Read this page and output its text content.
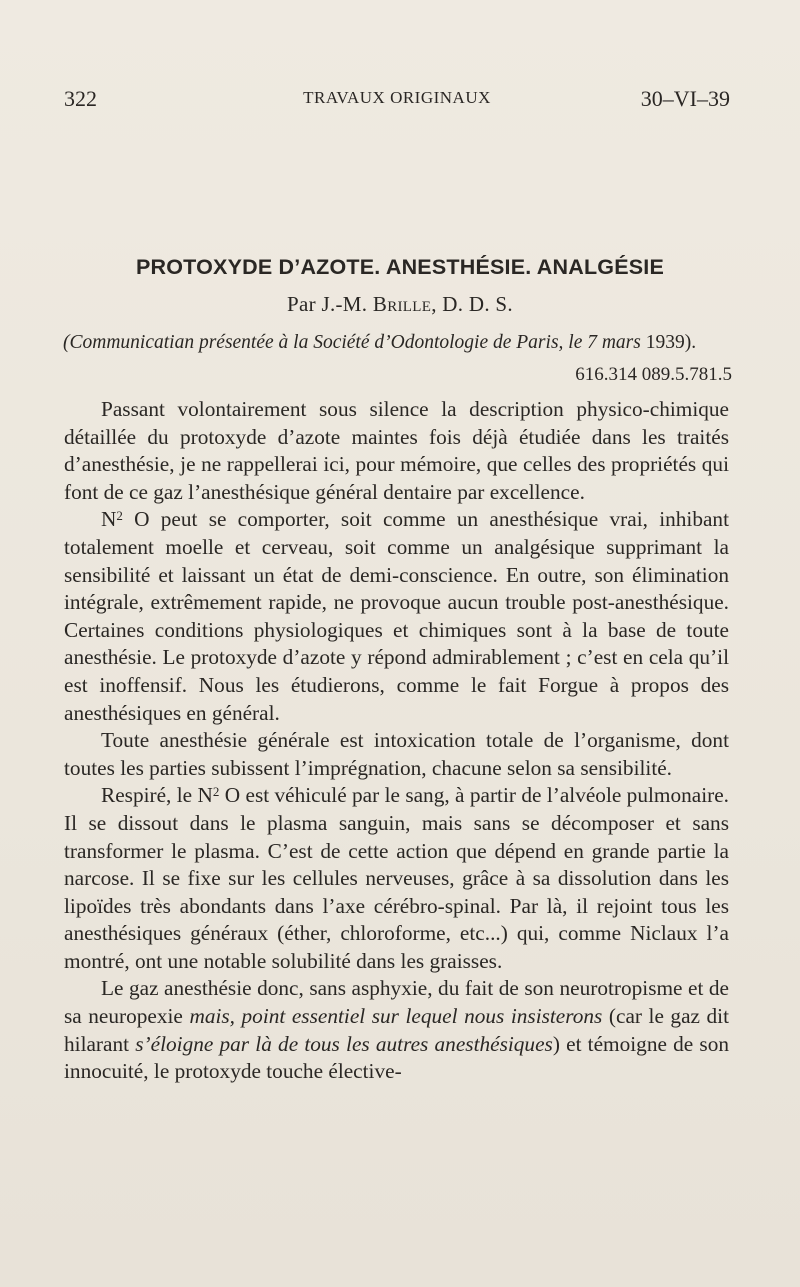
322	TRAVAUX ORIGINAUX	30–VI–39
PROTOXYDE D’AZOTE. ANESTHÉSIE. ANALGÉSIE
Par J.-M. Brille, D. D. S.
(Communicatian présentée à la Société d’Odontologie de Paris, le 7 mars 1939).
616.314 089.5.781.5

Passant volontairement sous silence la description physico-chimique détaillée du protoxyde d’azote maintes fois déjà étudiée dans les traités d’anesthésie, je ne rappellerai ici, pour mémoire, que celles des propriétés qui font de ce gaz l’anesthésique général dentaire par excellence.

$N^2$ O peut se comporter, soit comme un anesthésique vrai, inhibant totalement moelle et cerveau, soit comme un analgésique supprimant la sensibilité et laissant un état de demi-conscience. En outre, son élimination intégrale, extrêmement rapide, ne provoque aucun trouble post-anesthésique. Certaines conditions physiologiques et chimiques sont à la base de toute anesthésie. Le protoxyde d’azote y répond admirablement ; c’est en cela qu’il est inoffensif. Nous les étudierons, comme le fait Forgue à propos des anesthésiques en général.

Toute anesthésie générale est intoxication totale de l’organisme, dont toutes les parties subissent l’imprégnation, chacune selon sa sensibilité.

Respiré, le $N^2$ O est véhiculé par le sang, à partir de l’alvéole pulmonaire. Il se dissout dans le plasma sanguin, mais sans se décomposer et sans transformer le plasma. C’est de cette action que dépend en grande partie la narcose. Il se fixe sur les cellules nerveuses, grâce à sa dissolution dans les lipoïdes très abondants dans l’axe cérébro-spinal. Par là, il rejoint tous les anesthésiques généraux (éther, chloroforme, etc...) qui, comme Niclaux l’a montré, ont une notable solubilité dans les graisses.

Le gaz anesthésie donc, sans asphyxie, du fait de son neurotropisme et de sa neuropexie mais, point essentiel sur lequel nous insisterons (car le gaz dit hilarant s’éloigne par là de tous les autres anesthésiques) et témoigne de son innocuité, le protoxyde touche élective-
